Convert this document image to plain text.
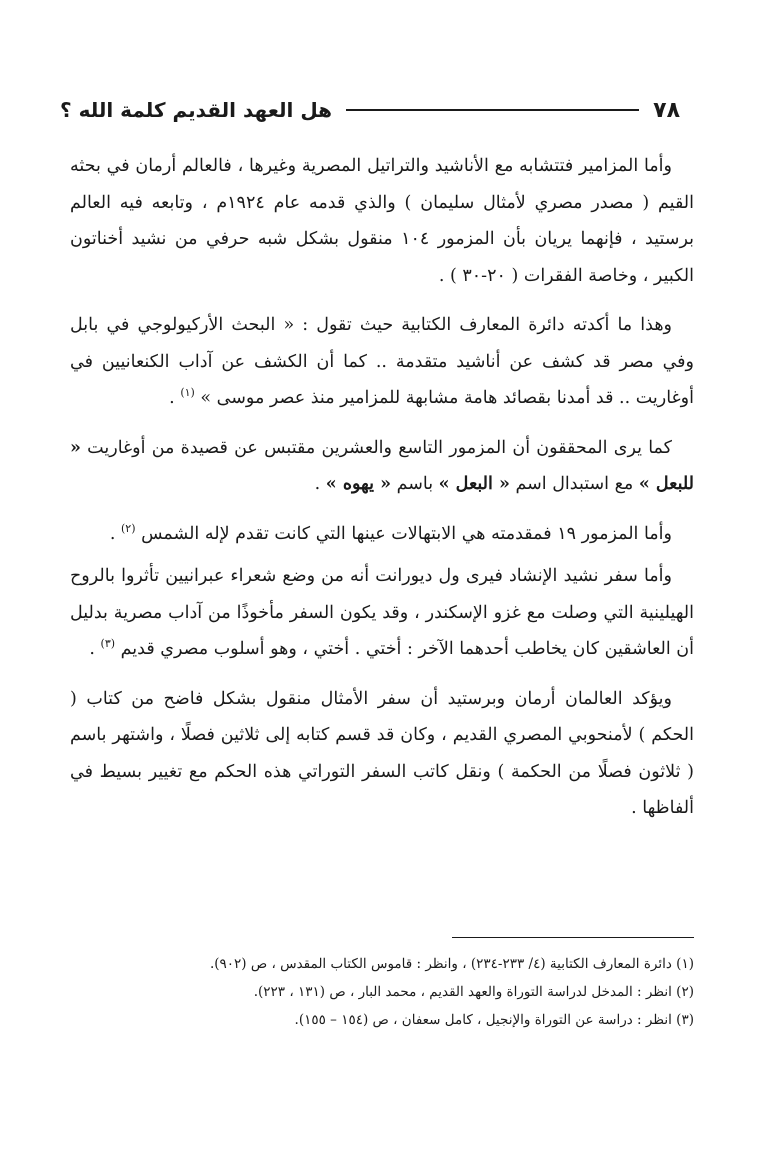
٧٨
هل العهد القديم كلمة الله ؟

وأما المزامير فتتشابه مع الأناشيد والتراتيل المصرية وغيرها ، فالعالم أرمان في بحثه القيم ( مصدر مصري لأمثال سليمان ) والذي قدمه عام ١٩٢٤م ، وتابعه فيه العالم برستيد ، فإنهما يريان بأن المزمور ١٠٤ منقول بشكل شبه حرفي من نشيد أخناتون الكبير ، وخاصة الفقرات ( ٢٠-٣٠ ) .

وهذا ما أكدته دائرة المعارف الكتابية حيث تقول : « البحث الأركيولوجي في بابل وفي مصر قد كشف عن أناشيد متقدمة .. كما أن الكشف عن آداب الكنعانيين في أوغاريت .. قد أمدنا بقصائد هامة مشابهة للمزامير منذ عصر موسى » $^{(١)}$ .

كما يرى المحققون أن المزمور التاسع والعشرين مقتبس عن قصيدة من أوغاريت « للبعل » مع استبدال اسم « البعل » باسم « يهوه » .

وأما المزمور ١٩ فمقدمته هي الابتهالات عينها التي كانت تقدم لإله الشمس $^{(٢)}$ .

وأما سفر نشيد الإنشاد فيرى ول ديورانت أنه من وضع شعراء عبرانيين تأثروا بالروح الهيلينية التي وصلت مع غزو الإسكندر ، وقد يكون السفر مأخوذًا من آداب مصرية بدليل أن العاشقين كان يخاطب أحدهما الآخر : أختي . أختي ، وهو أسلوب مصري قديم $^{(٣)}$ .

ويؤكد العالمان أرمان وبرستيد أن سفر الأمثال منقول بشكل فاضح من كتاب ( الحكم ) لأمنحوبي المصري القديم ، وكان قد قسم كتابه إلى ثلاثين فصلًا ، واشتهر باسم ( ثلاثون فصلًا من الحكمة ) ونقل كاتب السفر التوراتي هذه الحكم مع تغيير بسيط في ألفاظها .

(١) دائرة المعارف الكتابية (٤/ ٢٣٣-٢٣٤) ، وانظر : قاموس الكتاب المقدس ، ص (٩٠٢).

(٢) انظر : المدخل لدراسة التوراة والعهد القديم ، محمد البار ، ص (١٣١ ، ٢٢٣).

(٣) انظر : دراسة عن التوراة والإنجيل ، كامل سعفان ، ص (١٥٤ – ١٥٥).
